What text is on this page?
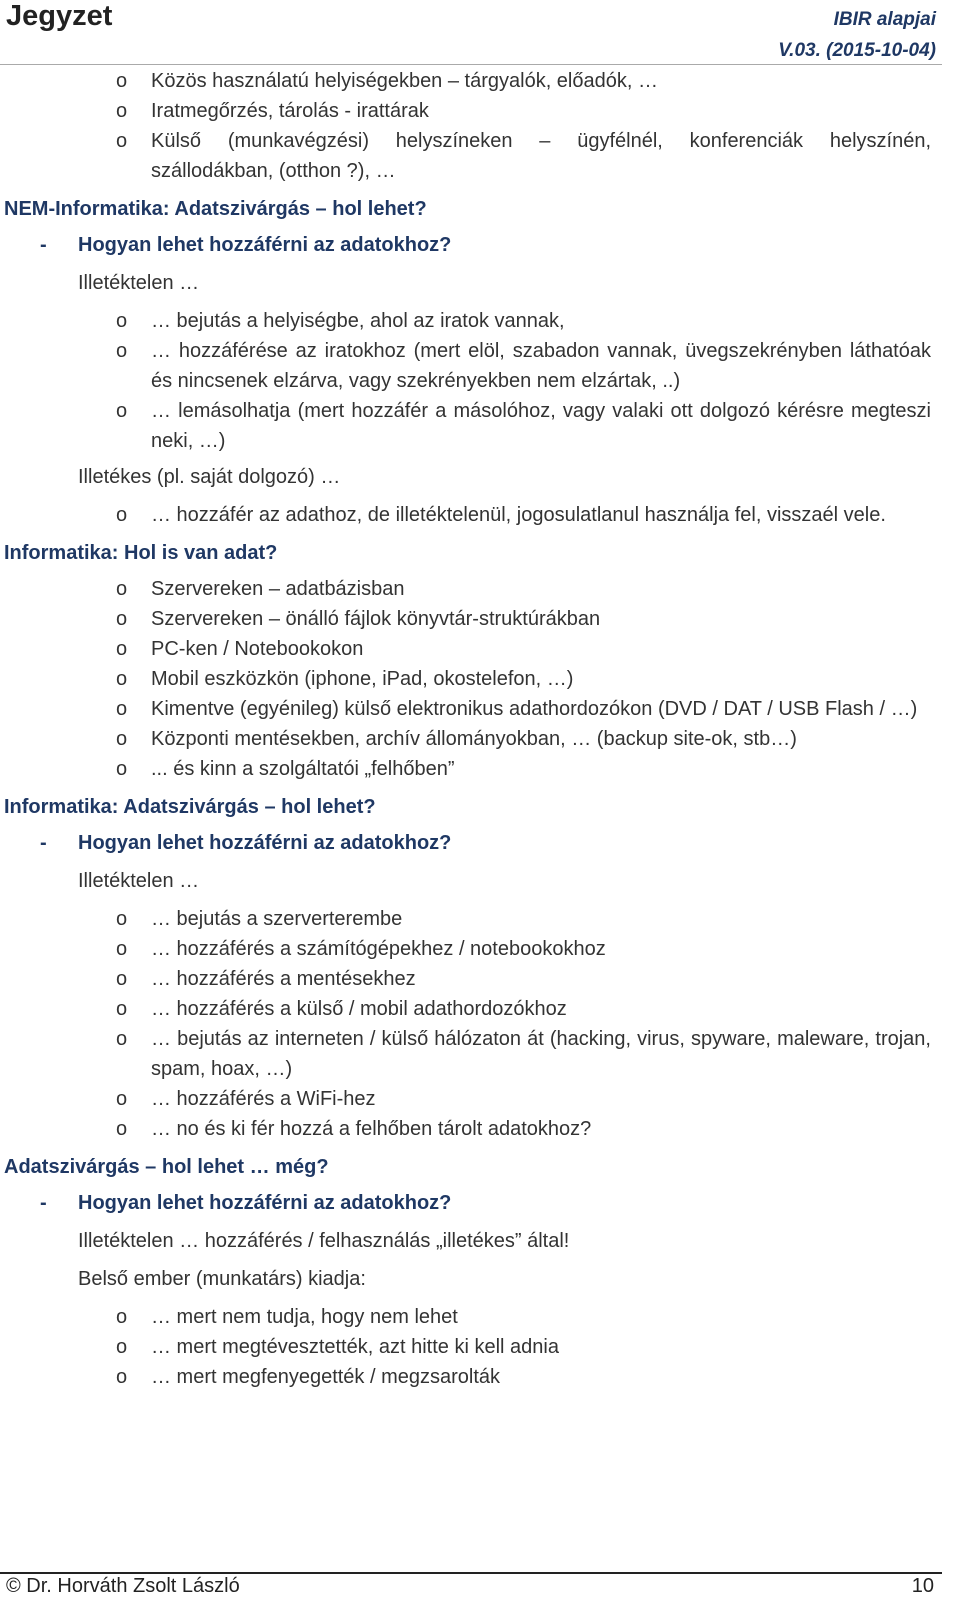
Jegyzet	IBIR alapjai
V.03. (2015-10-04)
o Közös használatú helyiségekben – tárgyalók, előadók, …
o Iratmegőrzés, tárolás - irattárak
o Külső (munkavégzési) helyszíneken – ügyfélnél, konferenciák helyszínén, szállodákban, (otthon ?), …
NEM-Informatika: Adatszivárgás – hol lehet?
-	Hogyan lehet hozzáférni az adatokhoz?
Illetéktelen …
o … bejutás a helyiségbe, ahol az iratok vannak,
o … hozzáférése az iratokhoz (mert elöl, szabadon vannak, üvegszekrényben láthatóak és nincsenek elzárva, vagy szekrényekben nem elzártak, ..)
o … lemásolhatja (mert hozzáfér a másolóhoz, vagy valaki ott dolgozó kérésre megteszi neki, …)
Illetékes (pl. saját dolgozó) …
o … hozzáfér az adathoz, de illetéktelenül, jogosulatlanul használja fel, visszaél vele.
Informatika: Hol is van adat?
o Szervereken – adatbázisban
o Szervereken – önálló fájlok könyvtár-struktúrákban
o PC-ken / Notebookokon
o Mobil eszközkön (iphone, iPad, okostelefon, …)
o Kimentve (egyénileg) külső elektronikus adathordozókon (DVD / DAT / USB Flash / …)
o Központi mentésekben, archív állományokban, … (backup site-ok, stb…)
o ... és kinn a szolgáltatói „felhőben”
Informatika: Adatszivárgás – hol lehet?
-	Hogyan lehet hozzáférni az adatokhoz?
Illetéktelen …
o … bejutás a szerverterembe
o … hozzáférés a számítógépekhez / notebookokhoz
o … hozzáférés a mentésekhez
o … hozzáférés a külső / mobil adathordozókhoz
o … bejutás az interneten / külső hálózaton át (hacking, virus, spyware, maleware, trojan, spam, hoax, …)
o … hozzáférés a WiFi-hez
o … no és ki fér hozzá a felhőben tárolt adatokhoz?
Adatszivárgás – hol lehet … még?
-	Hogyan lehet hozzáférni az adatokhoz?
Illetéktelen … hozzáférés / felhasználás „illetékes” által!
Belső ember (munkatárs) kiadja:
o … mert nem tudja, hogy nem lehet
o … mert megtévesztették, azt hitte ki kell adnia
o … mert megfenyegették / megzsarolták
© Dr. Horváth Zsolt László	10
